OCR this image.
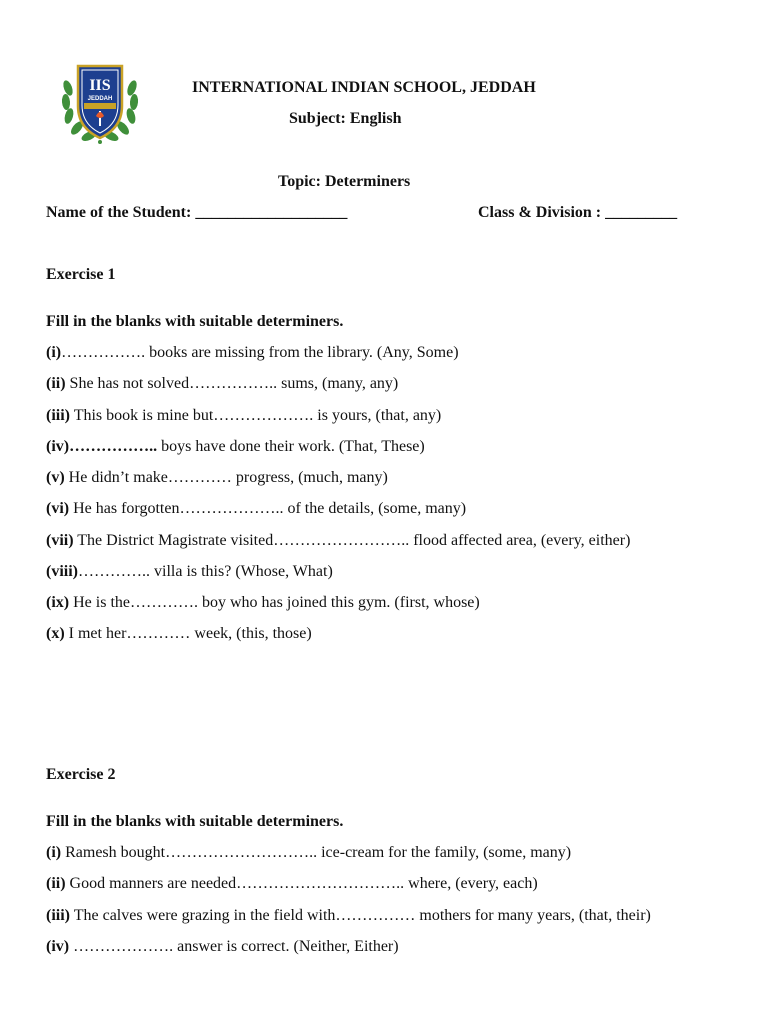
IIS
JEDDAH
INTERNATIONAL INDIAN SCHOOL, JEDDAH
Subject: English
Topic: Determiners
Name of the Student: ___________________	Class & Division : _________
Exercise 1
Fill in the blanks with suitable determiners.
(i)……………. books are missing from the library. (Any, Some)
(ii) She has not solved…………….. sums, (many, any)
(iii) This book is mine but………………. is yours, (that, any)
(iv)…………….. boys have done their work. (That, These)
(v) He didn’t make………… progress, (much, many)
(vi) He has forgotten……………….. of the details, (some, many)
(vii) The District Magistrate visited…………………….. flood affected area, (every, either)
(viii)………….. villa is this? (Whose, What)
(ix) He is the…………. boy who has joined this gym. (first, whose)
(x) I met her………… week, (this, those)
Exercise 2
Fill in the blanks with suitable determiners.
(i) Ramesh bought……………………….. ice-cream for the family, (some, many)
(ii) Good manners are needed………………………….. where, (every, each)
(iii) The calves were grazing in the field with…………… mothers for many years, (that, their)
(iv) ………………. answer is correct. (Neither, Either)
